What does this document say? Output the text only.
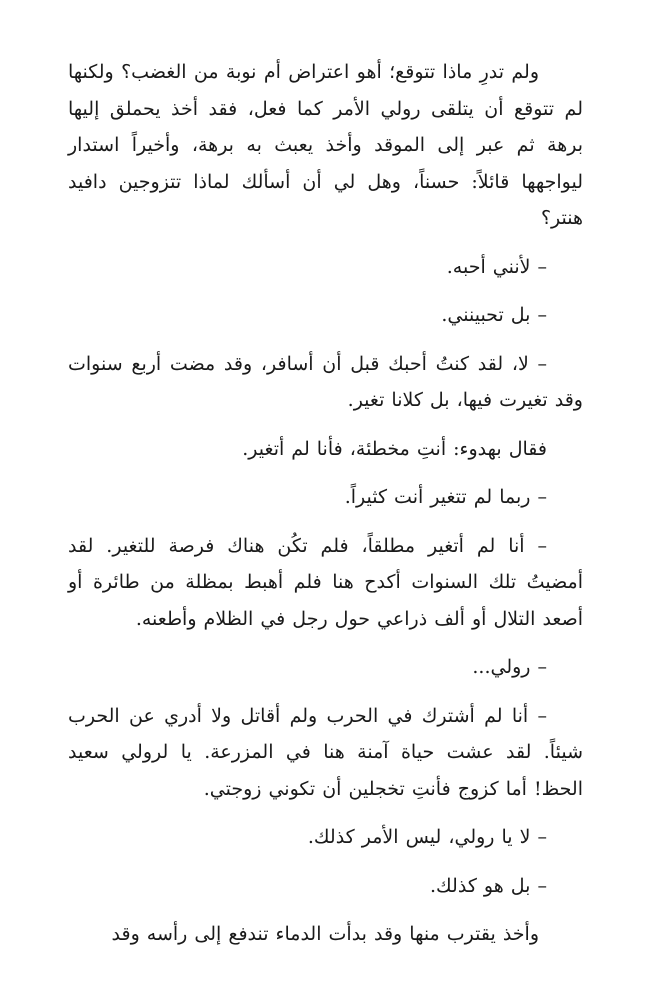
ولم تدرِ ماذا تتوقع؛ أهو اعتراض أم نوبة من الغضب؟ ولكنها لم تتوقع أن يتلقى رولي الأمر كما فعل، فقد أخذ يحملق إليها برهة ثم عبر إلى الموقد وأخذ يعبث به برهة، وأخيراً استدار ليواجهها قائلاً: حسناً، وهل لي أن أسألك لماذا تتزوجين دافيد هنتر؟

– لأنني أحبه.

– بل تحبينني.

– لا، لقد كنتُ أحبك قبل أن أسافر، وقد مضت أربع سنوات وقد تغيرت فيها، بل كلانا تغير.

فقال بهدوء: أنتِ مخطئة، فأنا لم أتغير.

– ربما لم تتغير أنت كثيراً.

– أنا لم أتغير مطلقاً، فلم تكُن هناك فرصة للتغير. لقد أمضيتُ تلك السنوات أكدح هنا فلم أهبط بمظلة من طائرة أو أصعد التلال أو ألف ذراعي حول رجل في الظلام وأطعنه.

– رولي...

– أنا لم أشترك في الحرب ولم أقاتل ولا أدري عن الحرب شيئاً. لقد عشت حياة آمنة هنا في المزرعة. يا لرولي سعيد الحظ! أما كزوج فأنتِ تخجلين أن تكوني زوجتي.

– لا يا رولي، ليس الأمر كذلك.

– بل هو كذلك.

وأخذ يقترب منها وقد بدأت الدماء تندفع إلى رأسه وقد
